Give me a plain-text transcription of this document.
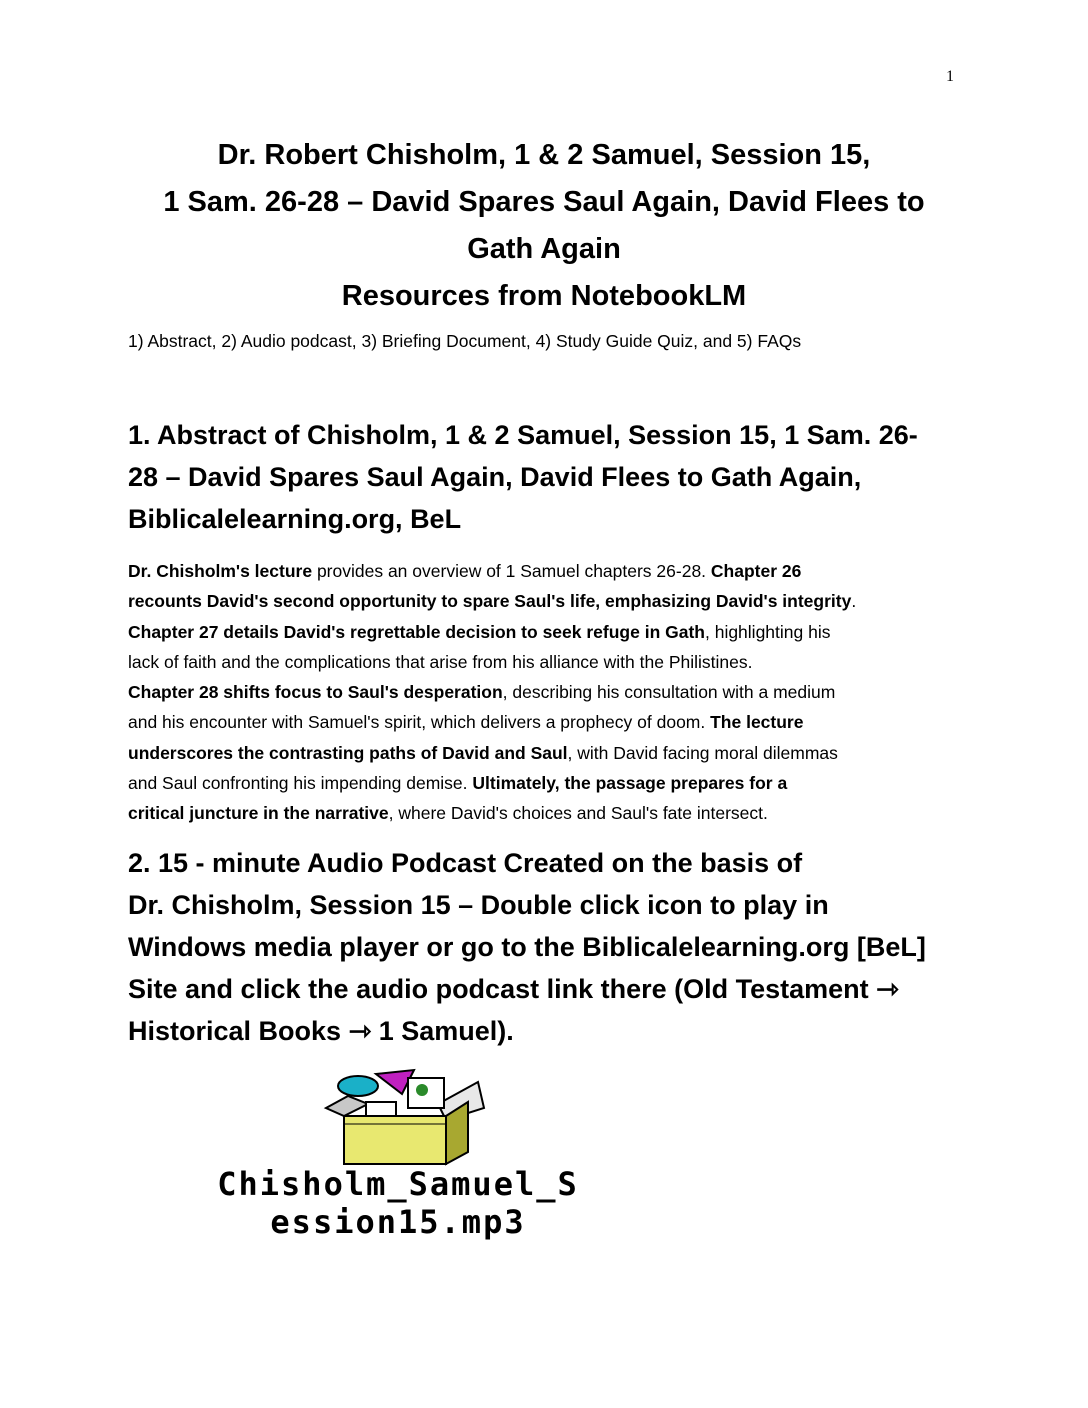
1
Dr. Robert Chisholm, 1 & 2 Samuel, Session 15,
1 Sam. 26-28 – David Spares Saul Again, David Flees to
Gath Again
Resources from NotebookLM
1) Abstract, 2) Audio podcast, 3) Briefing Document, 4) Study Guide Quiz, and 5) FAQs
1. Abstract of Chisholm, 1 & 2 Samuel, Session 15, 1 Sam. 26-
28 – David Spares Saul Again, David Flees to Gath Again,
Biblicalelearning.org, BeL
Dr. Chisholm's lecture provides an overview of 1 Samuel chapters 26-28. Chapter 26
recounts David's second opportunity to spare Saul's life, emphasizing David's integrity.
Chapter 27 details David's regrettable decision to seek refuge in Gath, highlighting his
lack of faith and the complications that arise from his alliance with the Philistines.
Chapter 28 shifts focus to Saul's desperation, describing his consultation with a medium
and his encounter with Samuel's spirit, which delivers a prophecy of doom. The lecture
underscores the contrasting paths of David and Saul, with David facing moral dilemmas
and Saul confronting his impending demise. Ultimately, the passage prepares for a
critical juncture in the narrative, where David's choices and Saul's fate intersect.
2. 15 - minute Audio Podcast Created on the basis of
Dr. Chisholm, Session 15 – Double click icon to play in
Windows media player or go to the Biblicalelearning.org [BeL]
Site and click the audio podcast link there (Old Testament ⇾
Historical Books ⇾ 1 Samuel).
Chisholm_Samuel_S
ession15.mp3
